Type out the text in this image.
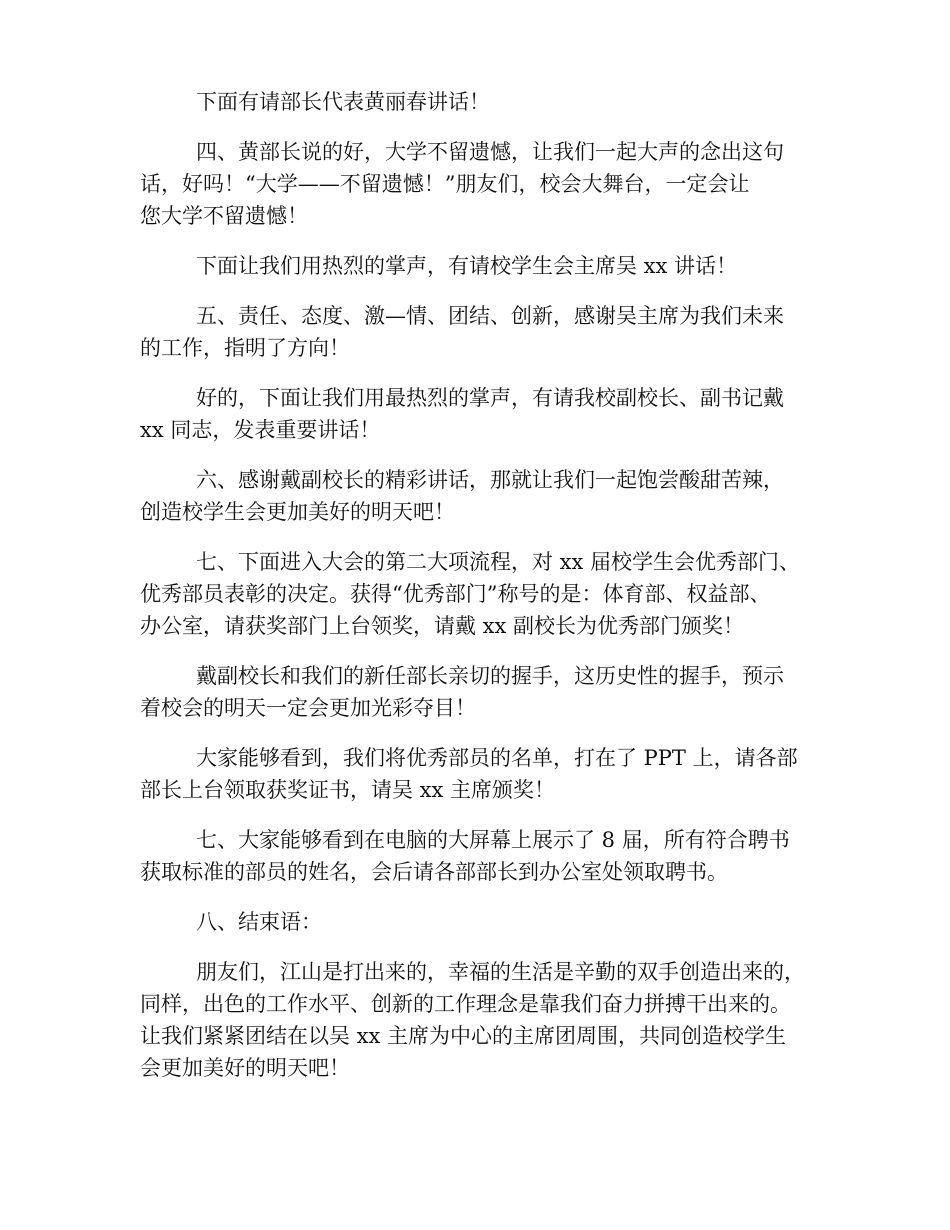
下面有请部长代表黄丽春讲话！

四、黄部长说的好，大学不留遗憾，让我们一起大声的念出这句
话，好吗！“大学——不留遗憾！”朋友们，校会大舞台，一定会让
您大学不留遗憾！

下面让我们用热烈的掌声，有请校学生会主席吴 xx 讲话！

五、责任、态度、激—情、团结、创新，感谢吴主席为我们未来
的工作，指明了方向！

好的，下面让我们用最热烈的掌声，有请我校副校长、副书记戴
xx 同志，发表重要讲话！

六、感谢戴副校长的精彩讲话，那就让我们一起饱尝酸甜苦辣，
创造校学生会更加美好的明天吧！

七、下面进入大会的第二大项流程，对 xx 届校学生会优秀部门、
优秀部员表彰的决定。获得“优秀部门”称号的是：体育部、权益部、
办公室，请获奖部门上台领奖，请戴 xx 副校长为优秀部门颁奖！

戴副校长和我们的新任部长亲切的握手，这历史性的握手，预示
着校会的明天一定会更加光彩夺目！

大家能够看到，我们将优秀部员的名单，打在了 PPT 上，请各部
部长上台领取获奖证书，请吴 xx 主席颁奖！

七、大家能够看到在电脑的大屏幕上展示了 8 届，所有符合聘书
获取标准的部员的姓名，会后请各部部长到办公室处领取聘书。

八、结束语：

朋友们，江山是打出来的，幸福的生活是辛勤的双手创造出来的，
同样，出色的工作水平、创新的工作理念是靠我们奋力拼搏干出来的。
让我们紧紧团结在以吴 xx 主席为中心的主席团周围，共同创造校学生
会更加美好的明天吧！
